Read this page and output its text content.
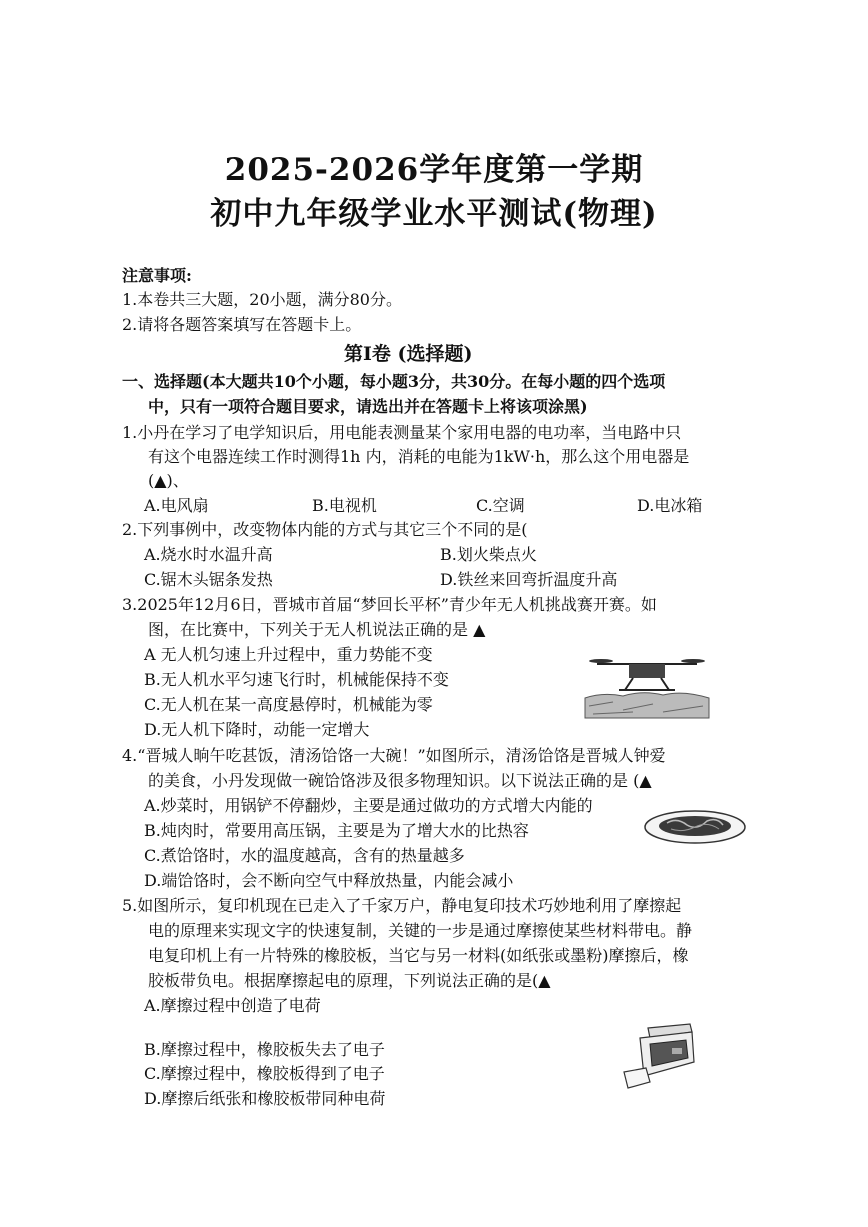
2025-2026学年度第一学期
初中九年级学业水平测试(物理)
注意事项:
1.本卷共三大题，20小题，满分80分。
2.请将各题答案填写在答题卡上。
第Ⅰ卷 (选择题)
一、选择题(本大题共10个小题，每小题3分，共30分。在每小题的四个选项
中，只有一项符合题目要求，请选出并在答题卡上将该项涂黑)
1.小丹在学习了电学知识后，用电能表测量某个家用电器的电功率，当电路中只
有这个电器连续工作时测得1h 内，消耗的电能为1kW·h，那么这个用电器是
(▲)、
A.电风扇	B.电视机	C.空调	D.电冰箱
2.下列事例中，改变物体内能的方式与其它三个不同的是(
A.烧水时水温升高	B.划火柴点火
C.锯木头锯条发热	D.铁丝来回弯折温度升高
3.2025年12月6日，晋城市首届“梦回长平杯”青少年无人机挑战赛开赛。如
图，在比赛中，下列关于无人机说法正确的是 ▲
A 无人机匀速上升过程中，重力势能不变
B.无人机水平匀速飞行时，机械能保持不变
C.无人机在某一高度悬停时，机械能为零
D.无人机下降时，动能一定增大
4.“晋城人晌午吃甚饭，清汤饸饹一大碗！”如图所示，清汤饸饹是晋城人钟爱
的美食，小丹发现做一碗饸饹涉及很多物理知识。以下说法正确的是 (▲
A.炒菜时，用锅铲不停翻炒，主要是通过做功的方式增大内能的
B.炖肉时，常要用高压锅，主要是为了增大水的比热容
C.煮饸饹时，水的温度越高，含有的热量越多
D.端饸饹时，会不断向空气中释放热量，内能会减小
5.如图所示，复印机现在已走入了千家万户，静电复印技术巧妙地利用了摩擦起
电的原理来实现文字的快速复制，关键的一步是通过摩擦使某些材料带电。静
电复印机上有一片特殊的橡胶板，当它与另一材料(如纸张或墨粉)摩擦后，橡
胶板带负电。根据摩擦起电的原理，下列说法正确的是(▲
A.摩擦过程中创造了电荷
B.摩擦过程中，橡胶板失去了电子
C.摩擦过程中，橡胶板得到了电子
D.摩擦后纸张和橡胶板带同种电荷
